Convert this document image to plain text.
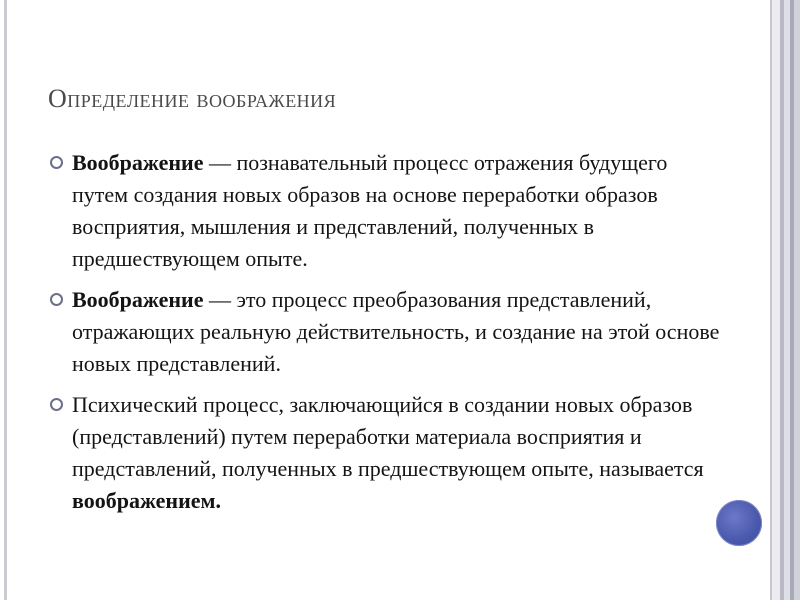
Определение воображения
Воображение — познавательный процесс отражения будущего путем создания новых образов на основе переработки образов восприятия, мышления и представлений, полученных в предшествующем опыте.
Воображение — это процесс преобразования представлений, отражающих реальную действительность, и создание на этой основе новых представлений.
Психический процесс, заключающийся в создании новых образов (представлений) путем переработки материала восприятия и представлений, полученных в предшествующем опыте, называется воображением.
